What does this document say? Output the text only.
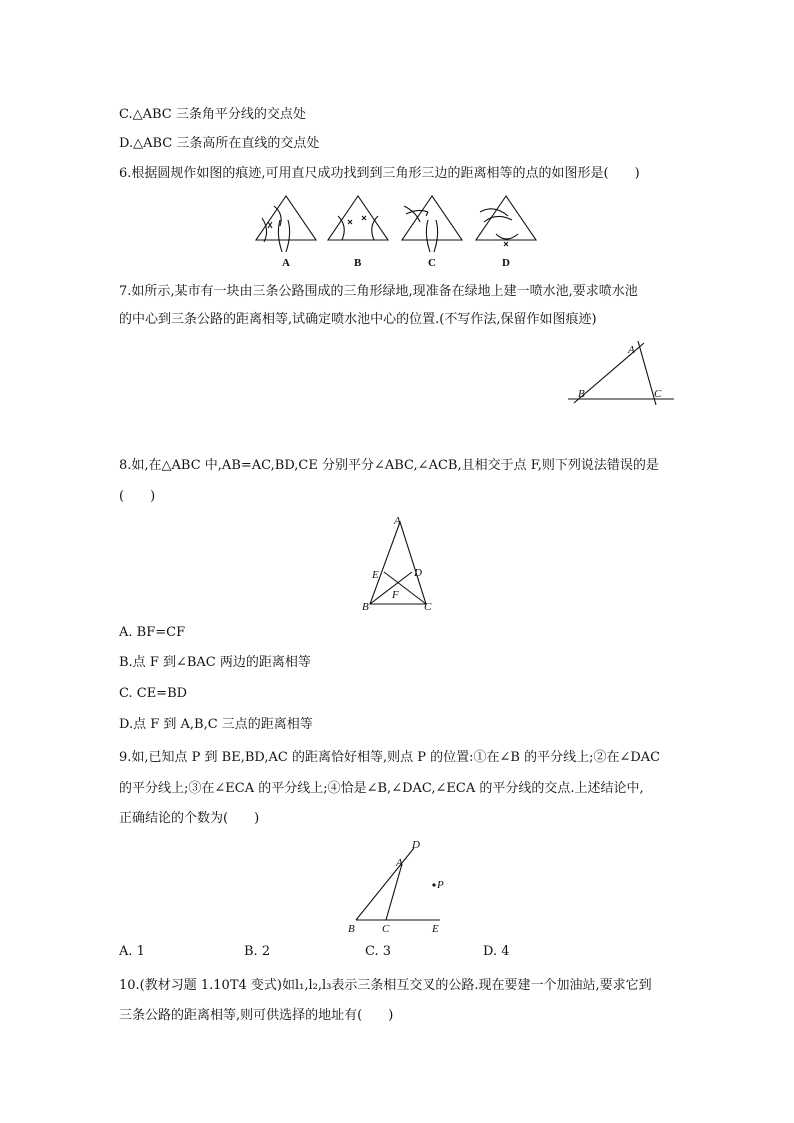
C.△ABC 三条角平分线的交点处
D.△ABC 三条高所在直线的交点处
6.根据圆规作如图的痕迹,可用直尺成功找到到三角形三边的距离相等的点的如图形是(　　)
A	B	C	D
7.如所示,某市有一块由三条公路围成的三角形绿地,现准备在绿地上建一喷水池,要求喷水池
的中心到三条公路的距离相等,试确定喷水池中心的位置.(不写作法,保留作如图痕迹)
A
B	C
8.如,在△ABC 中,AB=AC,BD,CE 分别平分∠ABC,∠ACB,且相交于点 F,则下列说法错误的是
(　　)
A
E	D
F
B	C
A. BF=CF
B.点 F 到∠BAC 两边的距离相等
C. CE=BD
D.点 F 到 A,B,C 三点的距离相等
9.如,已知点 P 到 BE,BD,AC 的距离恰好相等,则点 P 的位置:①在∠B 的平分线上;②在∠DAC
的平分线上;③在∠ECA 的平分线上;④恰是∠B,∠DAC,∠ECA 的平分线的交点.上述结论中,
正确结论的个数为(　　)
D
A
P
B C	E
A. 1	B. 2	C. 3	D. 4
10.(教材习题 1.10T4 变式)如l₁,l₂,l₃表示三条相互交叉的公路.现在要建一个加油站,要求它到
三条公路的距离相等,则可供选择的地址有(　　)
